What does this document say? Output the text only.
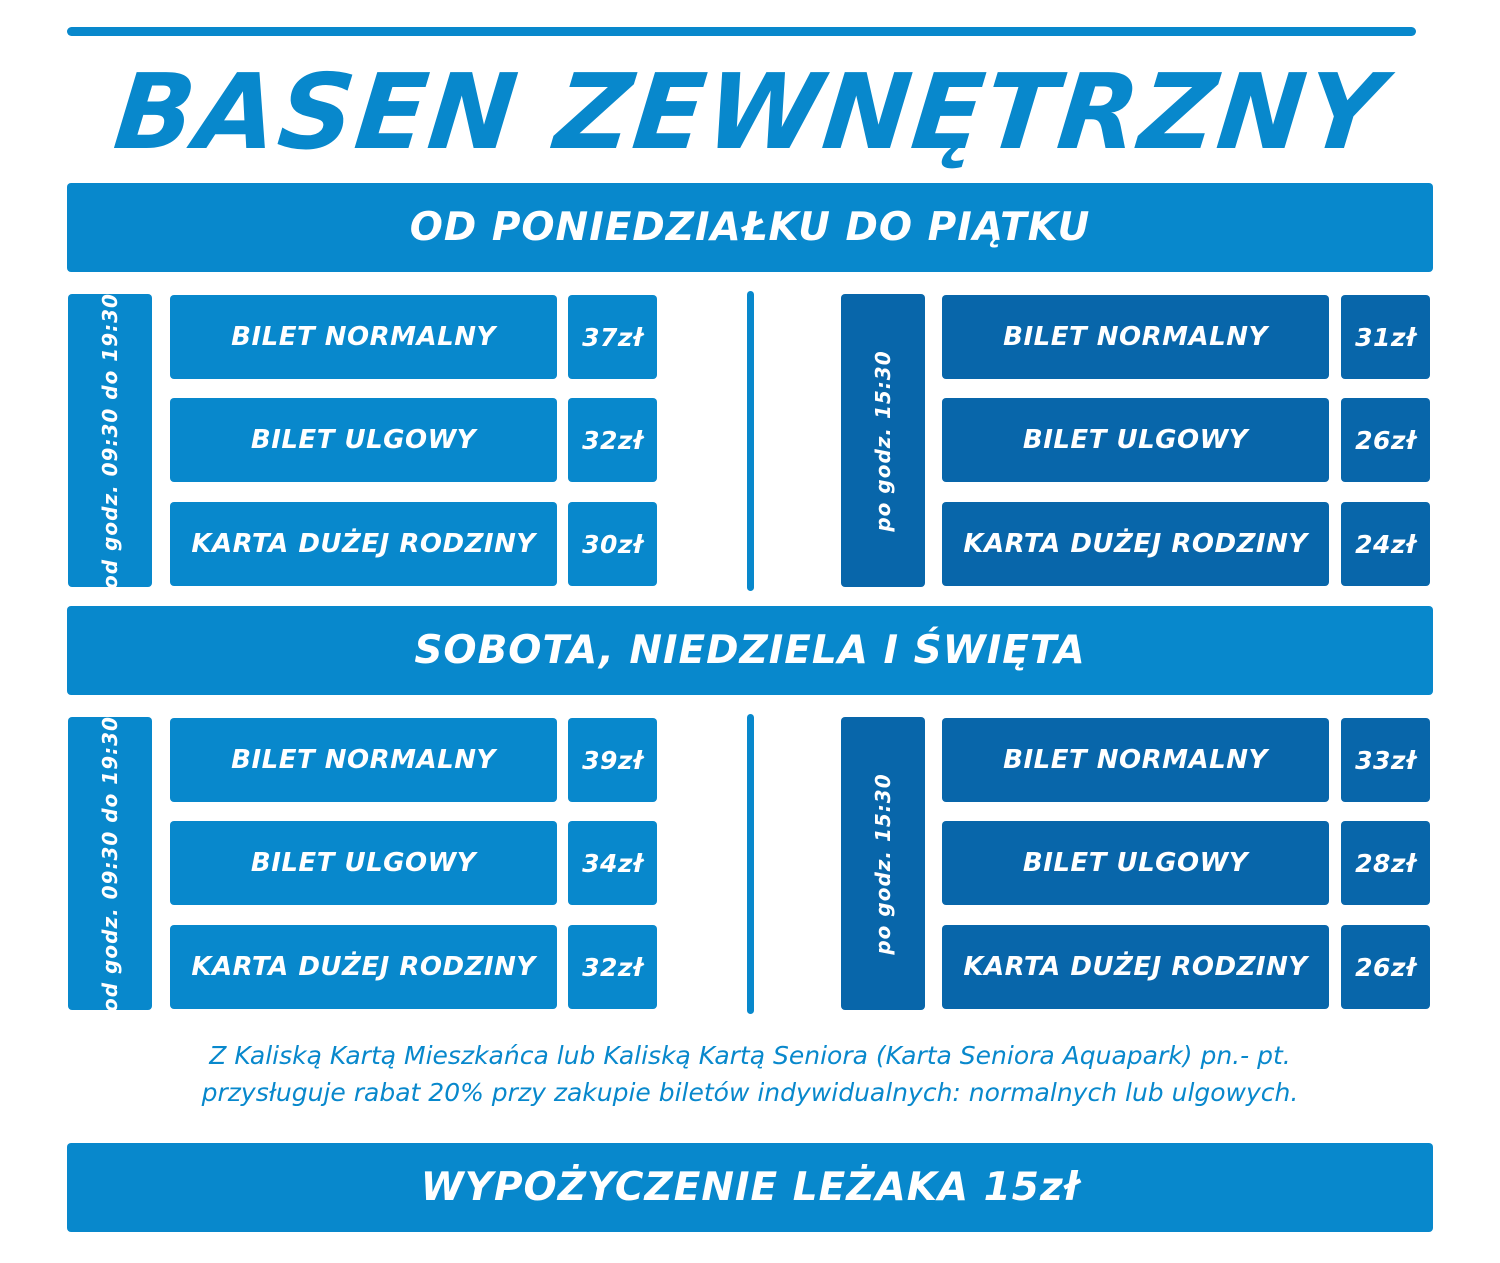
BASEN ZEWNĘTRZNY
OD PONIEDZIAŁKU DO PIĄTKU
od godz. 09:30 do 19:30	BILET NORMALNY	37zł
BILET ULGOWY	32zł
KARTA DUŻEJ RODZINY	30zł
po godz. 15:30
BILET NORMALNY	31zł
BILET ULGOWY	26zł
KARTA DUŻEJ RODZINY	24zł
SOBOTA, NIEDZIELA I ŚWIĘTA
od godz. 09:30 do 19:30	BILET NORMALNY	39zł
BILET ULGOWY	34zł
KARTA DUŻEJ RODZINY	32zł
po godz. 15:30
BILET NORMALNY	33zł
BILET ULGOWY	28zł
KARTA DUŻEJ RODZINY	26zł
Z Kaliską Kartą Mieszkańca lub Kaliską Kartą Seniora (Karta Seniora Aquapark) pn.- pt.
przysługuje rabat 20% przy zakupie biletów indywidualnych: normalnych lub ulgowych.
WYPOŻYCZENIE LEŻAKA 15zł
